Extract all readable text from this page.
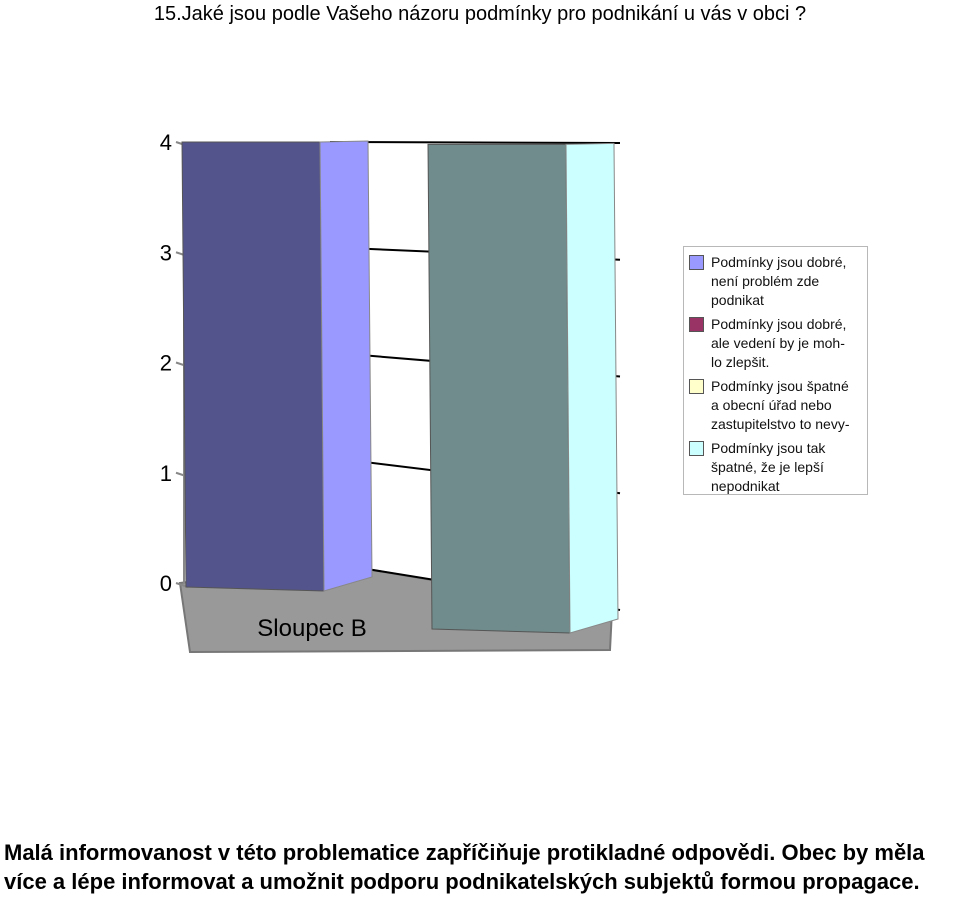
15.Jaké jsou podle Vašeho názoru podmínky pro podnikání u vás v obci ?
0
1
2
3
4
Sloupec B
Podmínky jsou dobré,
není problém zde
podnikat
Podmínky jsou dobré,
ale vedení by je moh-
lo zlepšit.
Podmínky jsou špatné
a obecní úřad nebo
zastupitelstvo to nevy-
Podmínky jsou tak
špatné, že je lepší
nepodnikat
Malá informovanost v této problematice zapříčiňuje protikladné odpovědi. Obec by měla více a lépe informovat a umožnit podporu podnikatelských subjektů formou propagace.
